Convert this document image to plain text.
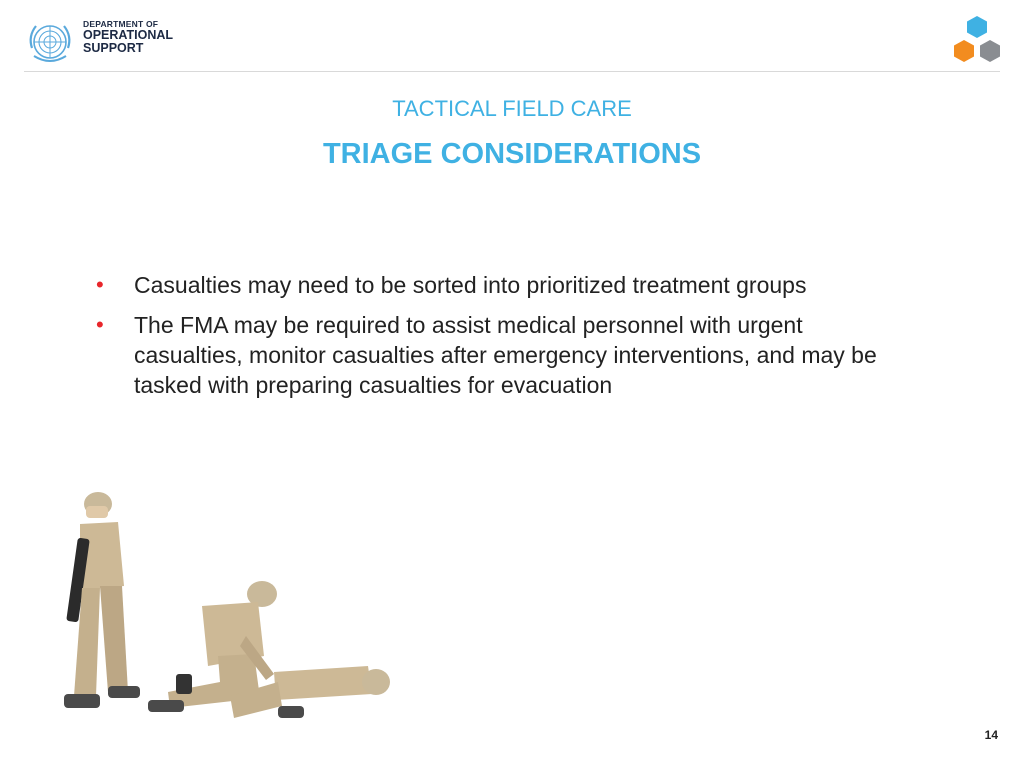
DEPARTMENT OF
OPERATIONAL
SUPPORT
TACTICAL FIELD CARE
TRIAGE CONSIDERATIONS
• Casualties may need to be sorted into prioritized treatment groups
• The FMA may be required to assist medical personnel with urgent casualties, monitor casualties after emergency interventions, and may be tasked with preparing casualties for evacuation
14
